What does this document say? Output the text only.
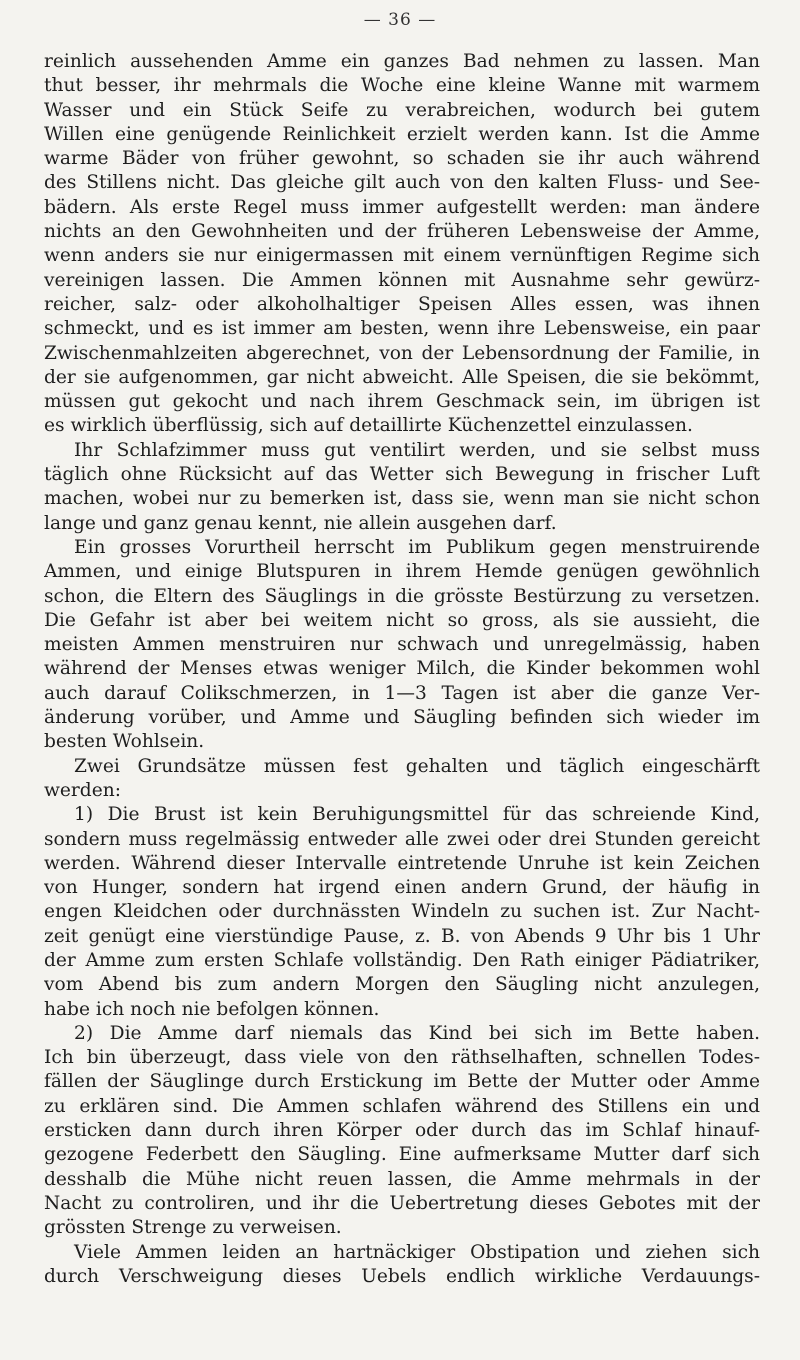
— 36 —
reinlich aussehenden Amme ein ganzes Bad nehmen zu lassen. Man
thut besser, ihr mehrmals die Woche eine kleine Wanne mit warmem
Wasser und ein Stück Seife zu verabreichen, wodurch bei gutem
Willen eine genügende Reinlichkeit erzielt werden kann. Ist die Amme
warme Bäder von früher gewohnt, so schaden sie ihr auch während
des Stillens nicht. Das gleiche gilt auch von den kalten Fluss- und See-
bädern. Als erste Regel muss immer aufgestellt werden: man ändere
nichts an den Gewohnheiten und der früheren Lebensweise der Amme,
wenn anders sie nur einigermassen mit einem vernünftigen Regime sich
vereinigen lassen. Die Ammen können mit Ausnahme sehr gewürz-
reicher, salz- oder alkoholhaltiger Speisen Alles essen, was ihnen
schmeckt, und es ist immer am besten, wenn ihre Lebensweise, ein paar
Zwischenmahlzeiten abgerechnet, von der Lebensordnung der Familie, in
der sie aufgenommen, gar nicht abweicht. Alle Speisen, die sie bekömmt,
müssen gut gekocht und nach ihrem Geschmack sein, im übrigen ist
es wirklich überflüssig, sich auf detaillirte Küchenzettel einzulassen.
Ihr Schlafzimmer muss gut ventilirt werden, und sie selbst muss
täglich ohne Rücksicht auf das Wetter sich Bewegung in frischer Luft
machen, wobei nur zu bemerken ist, dass sie, wenn man sie nicht schon
lange und ganz genau kennt, nie allein ausgehen darf.
Ein grosses Vorurtheil herrscht im Publikum gegen menstruirende
Ammen, und einige Blutspuren in ihrem Hemde genügen gewöhnlich
schon, die Eltern des Säuglings in die grösste Bestürzung zu versetzen.
Die Gefahr ist aber bei weitem nicht so gross, als sie aussieht, die
meisten Ammen menstruiren nur schwach und unregelmässig, haben
während der Menses etwas weniger Milch, die Kinder bekommen wohl
auch darauf Colikschmerzen, in 1—3 Tagen ist aber die ganze Ver-
änderung vorüber, und Amme und Säugling befinden sich wieder im
besten Wohlsein.
Zwei Grundsätze müssen fest gehalten und täglich eingeschärft
werden:
1) Die Brust ist kein Beruhigungsmittel für das schreiende Kind,
sondern muss regelmässig entweder alle zwei oder drei Stunden gereicht
werden. Während dieser Intervalle eintretende Unruhe ist kein Zeichen
von Hunger, sondern hat irgend einen andern Grund, der häufig in
engen Kleidchen oder durchnässten Windeln zu suchen ist. Zur Nacht-
zeit genügt eine vierstündige Pause, z. B. von Abends 9 Uhr bis 1 Uhr
der Amme zum ersten Schlafe vollständig. Den Rath einiger Pädiatriker,
vom Abend bis zum andern Morgen den Säugling nicht anzulegen,
habe ich noch nie befolgen können.
2) Die Amme darf niemals das Kind bei sich im Bette haben.
Ich bin überzeugt, dass viele von den räthselhaften, schnellen Todes-
fällen der Säuglinge durch Erstickung im Bette der Mutter oder Amme
zu erklären sind. Die Ammen schlafen während des Stillens ein und
ersticken dann durch ihren Körper oder durch das im Schlaf hinauf-
gezogene Federbett den Säugling. Eine aufmerksame Mutter darf sich
desshalb die Mühe nicht reuen lassen, die Amme mehrmals in der
Nacht zu controliren, und ihr die Uebertretung dieses Gebotes mit der
grössten Strenge zu verweisen.
Viele Ammen leiden an hartnäckiger Obstipation und ziehen sich
durch Verschweigung dieses Uebels endlich wirkliche Verdauungs-
